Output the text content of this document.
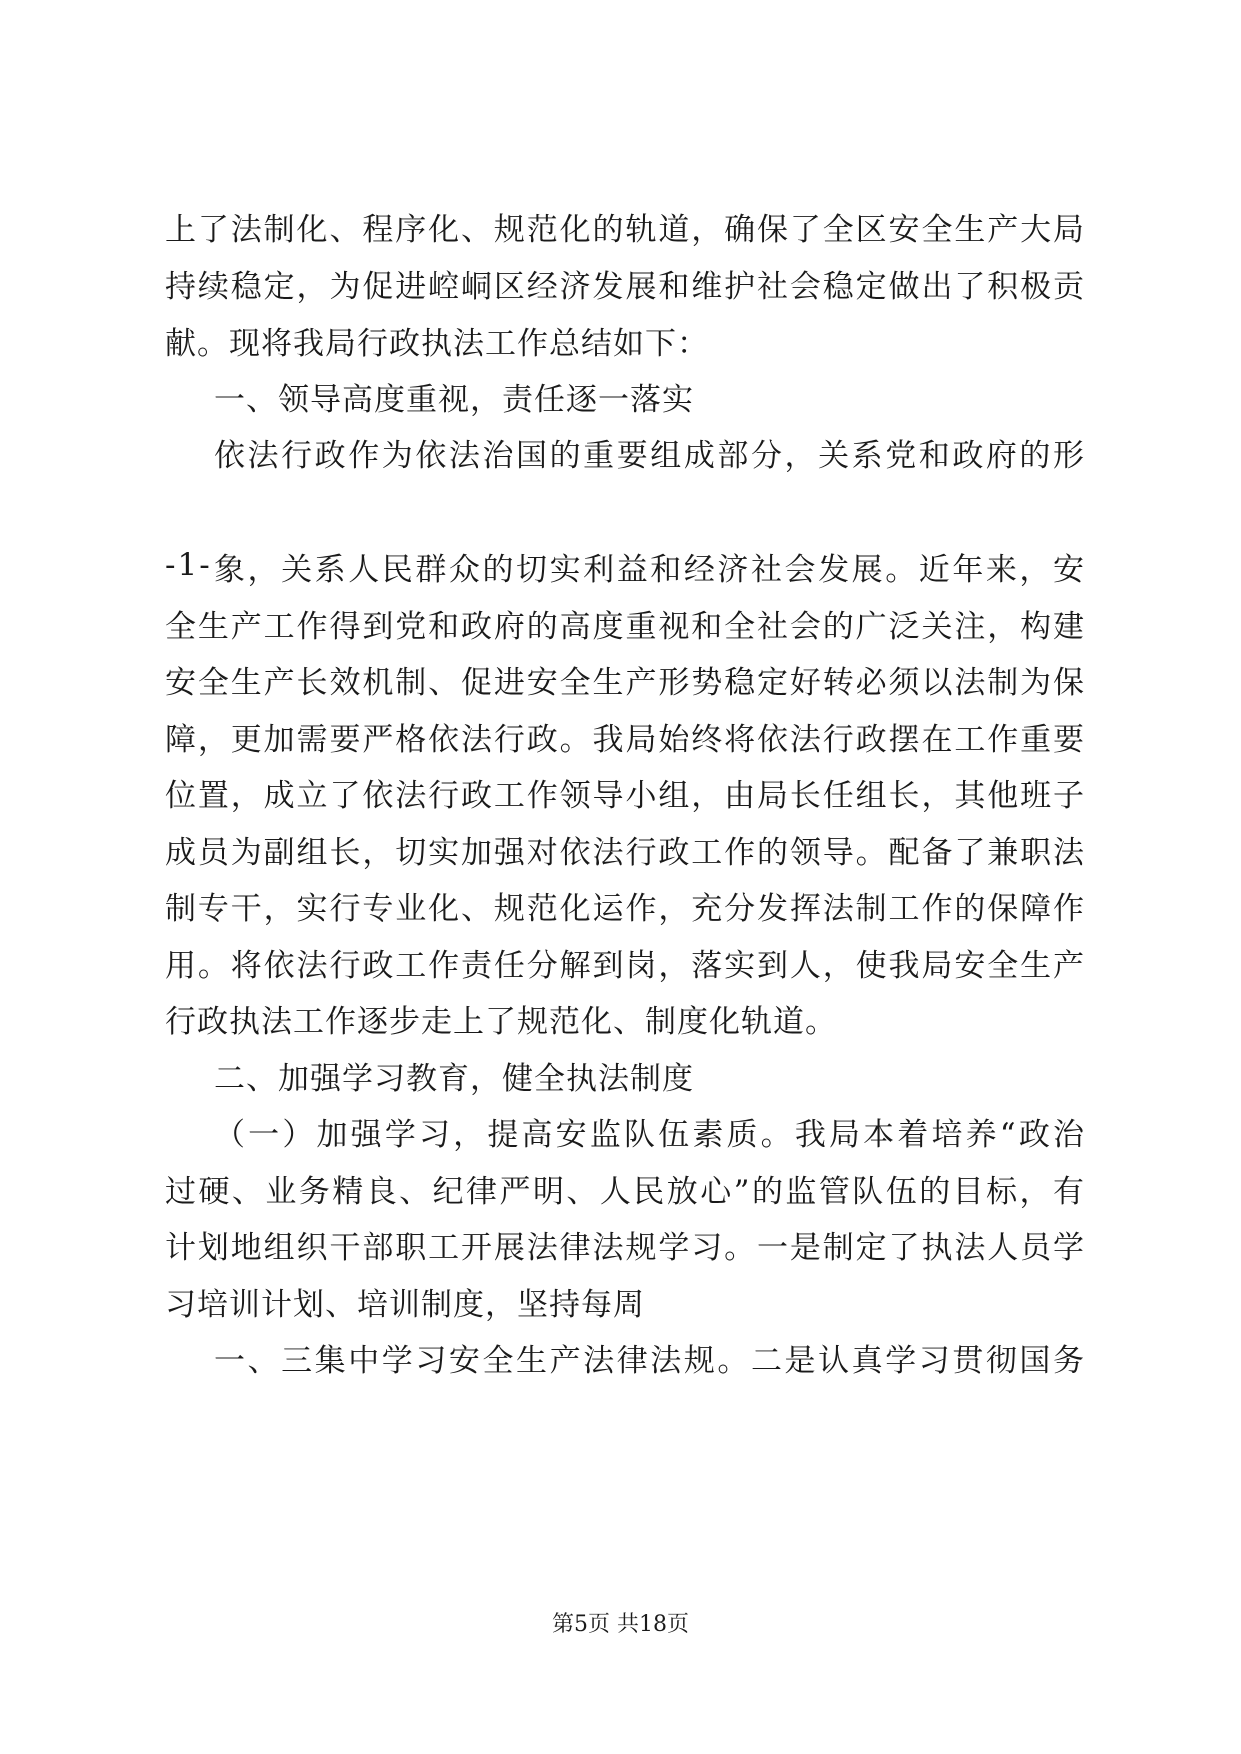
上了法制化、程序化、规范化的轨道，确保了全区安全生产大局
持续稳定，为促进崆峒区经济发展和维护社会稳定做出了积极贡
献。现将我局行政执法工作总结如下：
一、领导高度重视，责任逐一落实
依法行政作为依法治国的重要组成部分，关系党和政府的形
-1- 象，关系人民群众的切实利益和经济社会发展。近年来，安
全生产工作得到党和政府的高度重视和全社会的广泛关注，构建
安全生产长效机制、促进安全生产形势稳定好转必须以法制为保
障，更加需要严格依法行政。我局始终将依法行政摆在工作重要
位置，成立了依法行政工作领导小组，由局长任组长，其他班子
成员为副组长，切实加强对依法行政工作的领导。配备了兼职法
制专干，实行专业化、规范化运作，充分发挥法制工作的保障作
用。将依法行政工作责任分解到岗，落实到人，使我局安全生产
行政执法工作逐步走上了规范化、制度化轨道。
二、加强学习教育，健全执法制度
（一）加强学习，提高安监队伍素质。我局本着培养“政治
过硬、业务精良、纪律严明、人民放心”的监管队伍的目标，有
计划地组织干部职工开展法律法规学习。一是制定了执法人员学
习培训计划、培训制度，坚持每周
一、三集中学习安全生产法律法规。二是认真学习贯彻国务
第5页 共18页
